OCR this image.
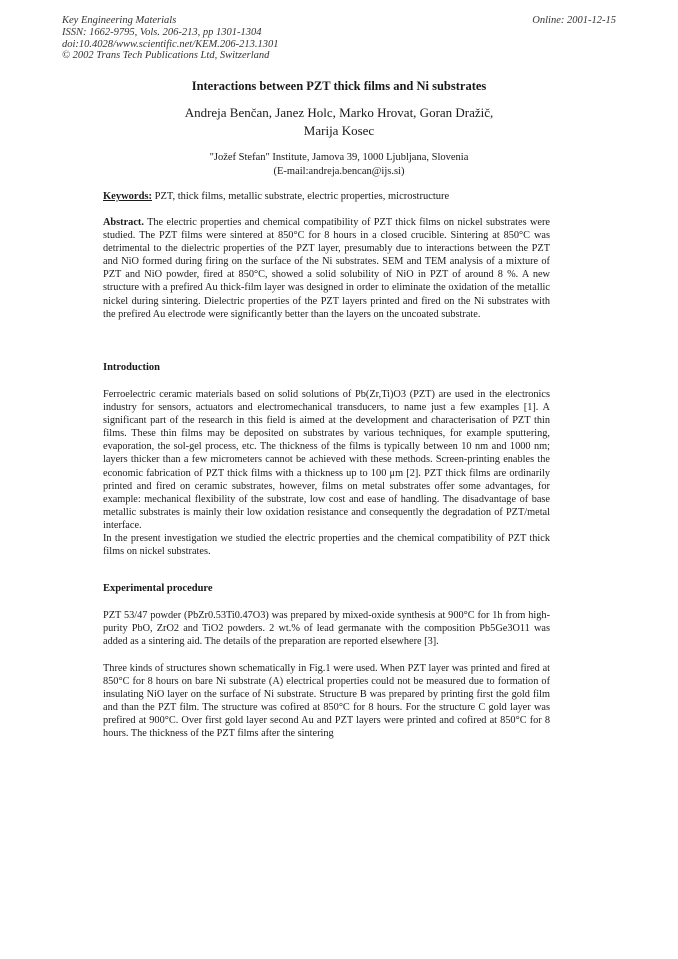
Key Engineering Materials
ISSN: 1662-9795, Vols. 206-213, pp 1301-1304
doi:10.4028/www.scientific.net/KEM.206-213.1301
© 2002 Trans Tech Publications Ltd, Switzerland
Online: 2001-12-15
Interactions between PZT thick films and Ni substrates
Andreja Benčan, Janez Holc, Marko Hrovat, Goran Dražič,
Marija Kosec
"Jožef Stefan" Institute, Jamova 39, 1000 Ljubljana, Slovenia
(E-mail:andreja.bencan@ijs.si)
Keywords: PZT, thick films, metallic substrate, electric properties, microstructure

Abstract. The electric properties and chemical compatibility of PZT thick films on nickel substrates were studied. The PZT films were sintered at 850°C for 8 hours in a closed crucible. Sintering at 850°C was detrimental to the dielectric properties of the PZT layer, presumably due to interactions between the PZT and NiO formed during firing on the surface of the Ni substrates. SEM and TEM analysis of a mixture of PZT and NiO powder, fired at 850°C, showed a solid solubility of NiO in PZT of around 8 %. A new structure with a prefired Au thick-film layer was designed in order to eliminate the oxidation of the metallic nickel during sintering. Dielectric properties of the PZT layers printed and fired on the Ni substrates with the prefired Au electrode were significantly better than the layers on the uncoated substrate.

Introduction

Ferroelectric ceramic materials based on solid solutions of Pb(Zr,Ti)O3 (PZT) are used in the electronics industry for sensors, actuators and electromechanical transducers, to name just a few examples [1]. A significant part of the research in this field is aimed at the development and characterisation of PZT thin films. These thin films may be deposited on substrates by various techniques, for example sputtering, evaporation, the sol-gel process, etc. The thickness of the films is typically between 10 nm and 1000 nm; layers thicker than a few micrometers cannot be achieved with these methods. Screen-printing enables the economic fabrication of PZT thick films with a thickness up to 100 μm [2]. PZT thick films are ordinarily printed and fired on ceramic substrates, however, films on metal substrates offer some advantages, for example: mechanical flexibility of the substrate, low cost and ease of handling. The disadvantage of base metallic substrates is mainly their low oxidation resistance and consequently the degradation of PZT/metal interface.

In the present investigation we studied the electric properties and the chemical compatibility of PZT thick films on nickel substrates.

Experimental procedure

PZT 53/47 powder (PbZr0.53Ti0.47O3) was prepared by mixed-oxide synthesis at 900°C for 1h from high-purity PbO, ZrO2 and TiO2 powders. 2 wt.% of lead germanate with the composition Pb5Ge3O11 was added as a sintering aid. The details of the preparation are reported elsewhere [3].

Three kinds of structures shown schematically in Fig.1 were used. When PZT layer was printed and fired at 850°C for 8 hours on bare Ni substrate (A) electrical properties could not be measured due to formation of insulating NiO layer on the surface of Ni substrate. Structure B was prepared by printing first the gold film and than the PZT film. The structure was cofired at 850°C for 8 hours. For the structure C gold layer was prefired at 900°C. Over first gold layer second Au and PZT layers were printed and cofired at 850°C for 8 hours. The thickness of the PZT films after the sintering
